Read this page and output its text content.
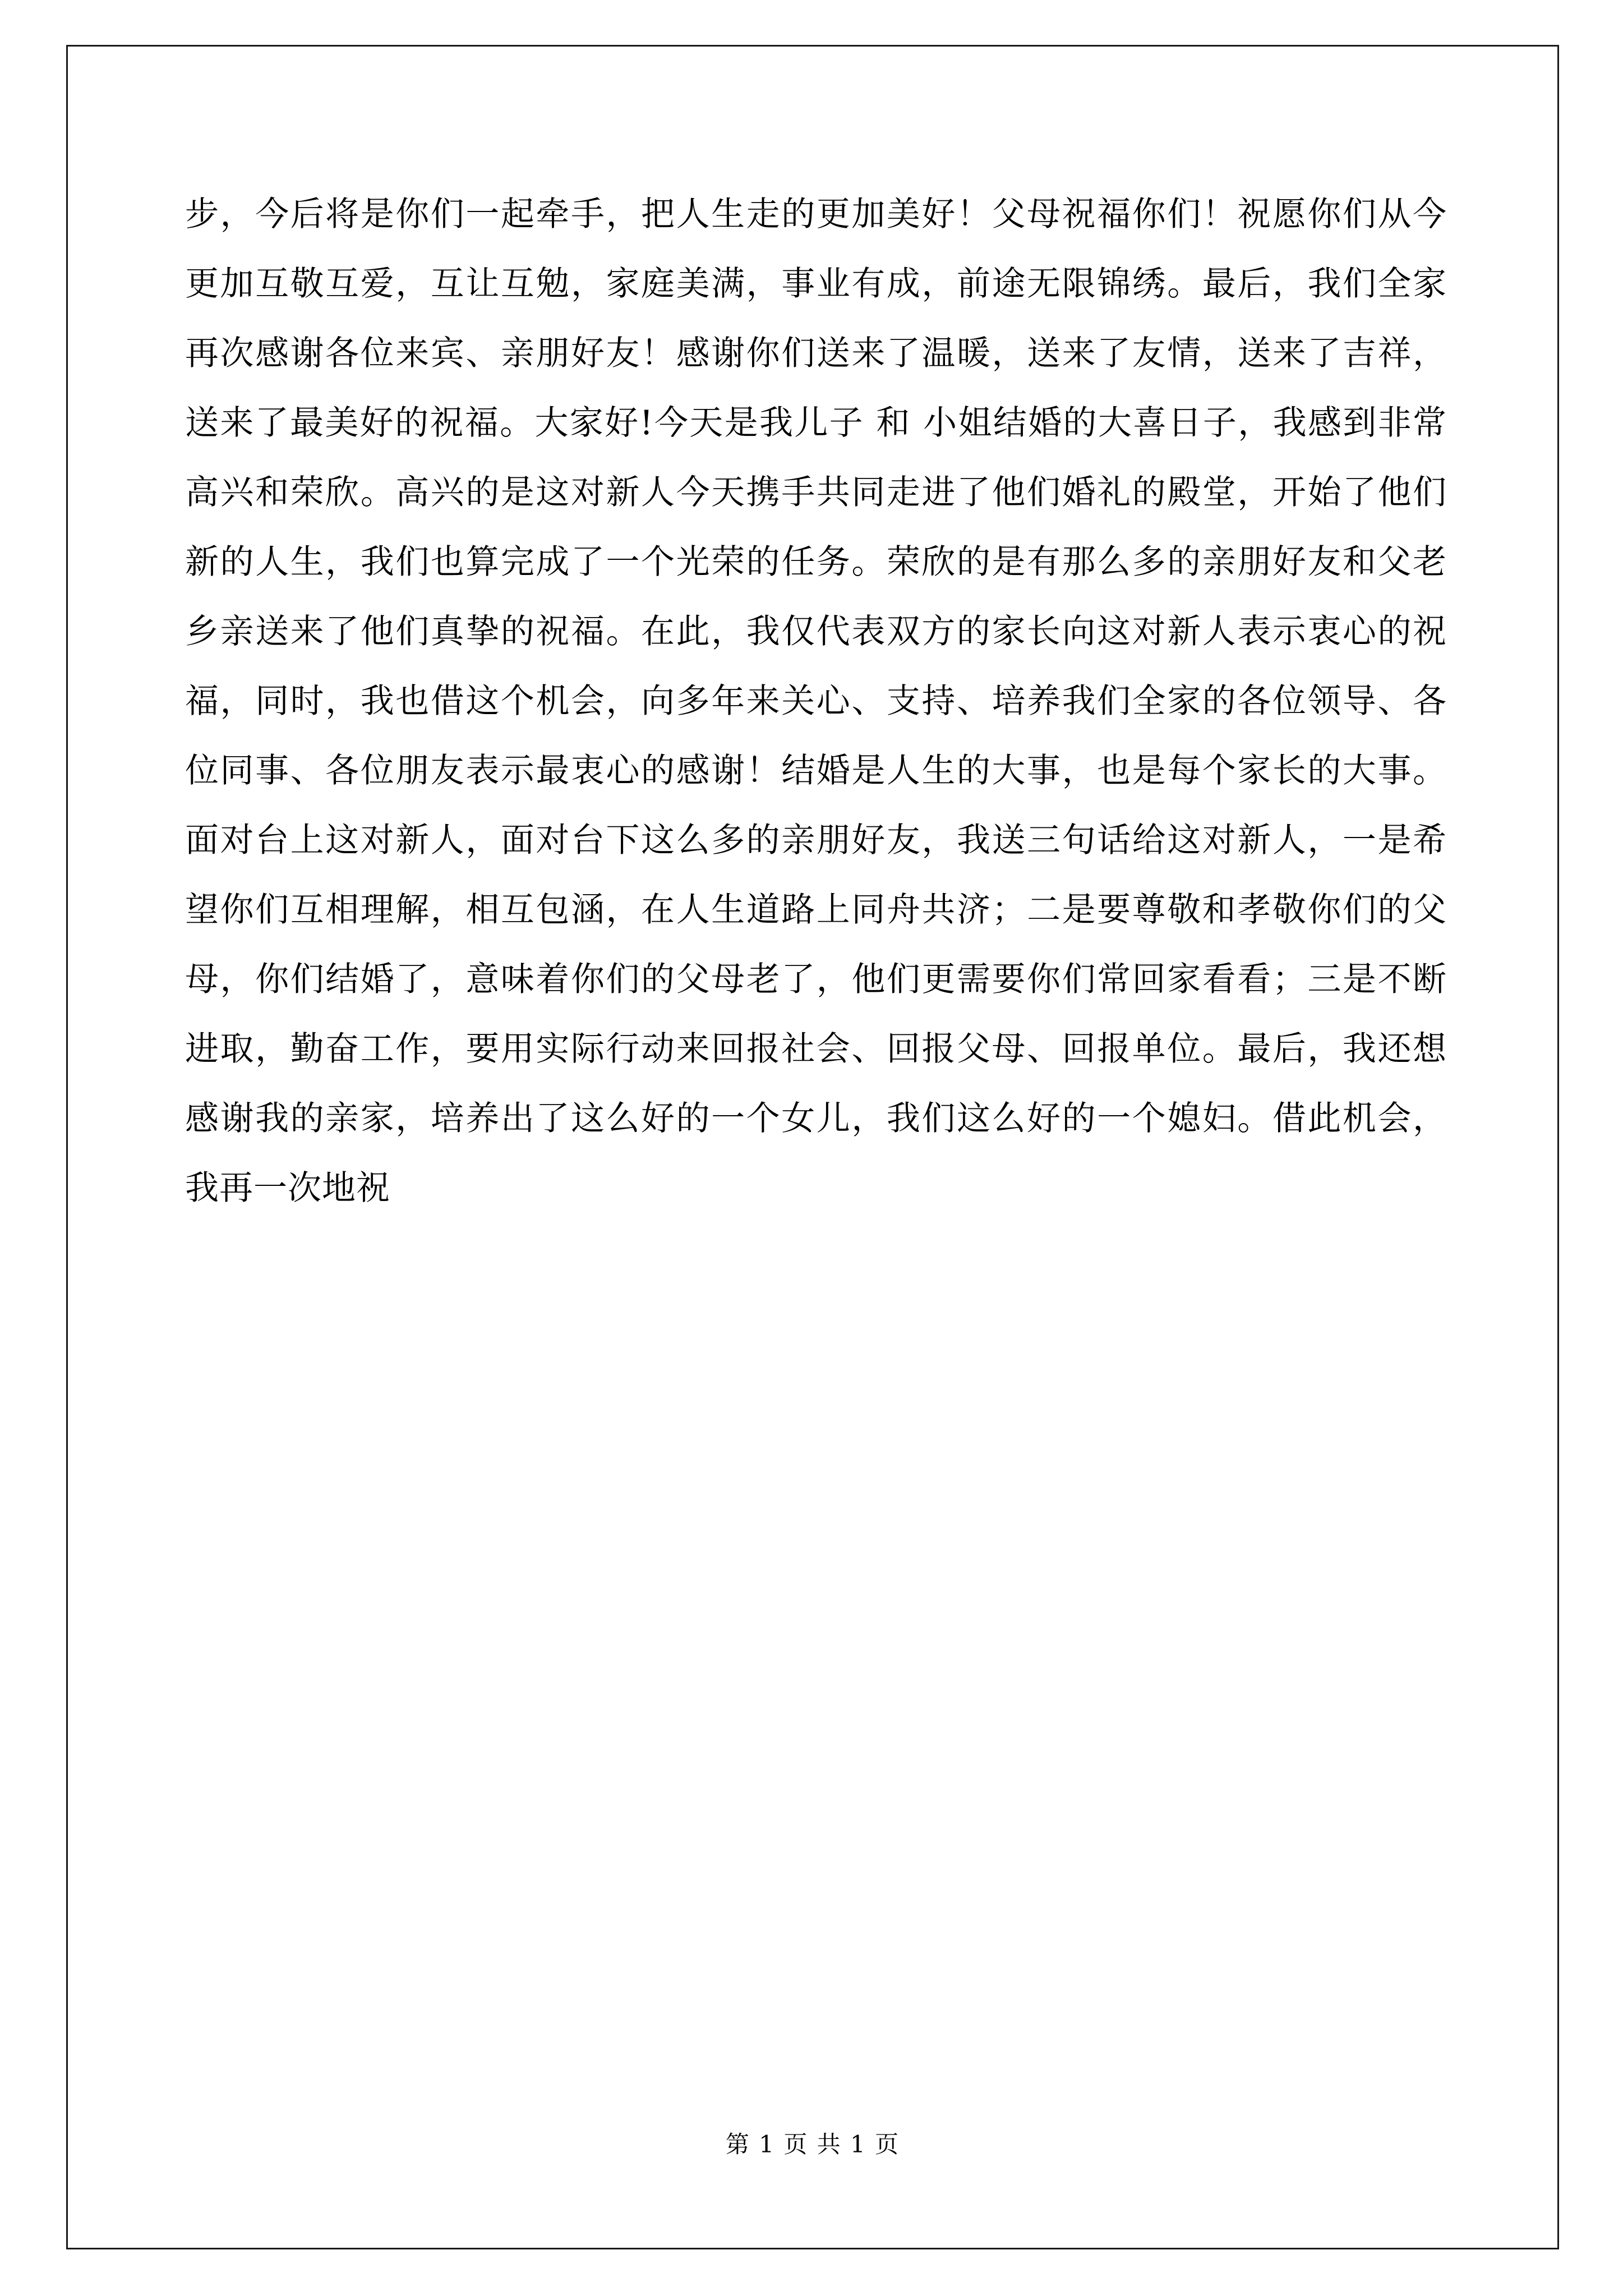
步，今后将是你们一起牵手，把人生走的更加美好！父母祝福你们！祝愿你们从今更加互敬互爱，互让互勉，家庭美满，事业有成，前途无限锦绣。最后，我们全家再次感谢各位来宾、亲朋好友！感谢你们送来了温暖，送来了友情，送来了吉祥，送来了最美好的祝福。大家好!今天是我儿子 和 小姐结婚的大喜日子，我感到非常高兴和荣欣。高兴的是这对新人今天携手共同走进了他们婚礼的殿堂，开始了他们新的人生，我们也算完成了一个光荣的任务。荣欣的是有那么多的亲朋好友和父老乡亲送来了他们真挚的祝福。在此，我仅代表双方的家长向这对新人表示衷心的祝福，同时，我也借这个机会，向多年来关心、支持、培养我们全家的各位领导、各位同事、各位朋友表示最衷心的感谢！结婚是人生的大事，也是每个家长的大事。面对台上这对新人，面对台下这么多的亲朋好友，我送三句话给这对新人，一是希望你们互相理解，相互包涵，在人生道路上同舟共济；二是要尊敬和孝敬你们的父母，你们结婚了，意味着你们的父母老了，他们更需要你们常回家看看；三是不断进取，勤奋工作，要用实际行动来回报社会、回报父母、回报单位。最后，我还想感谢我的亲家，培养出了这么好的一个女儿，我们这么好的一个媳妇。借此机会，我再一次地祝

第 1 页 共 1 页
